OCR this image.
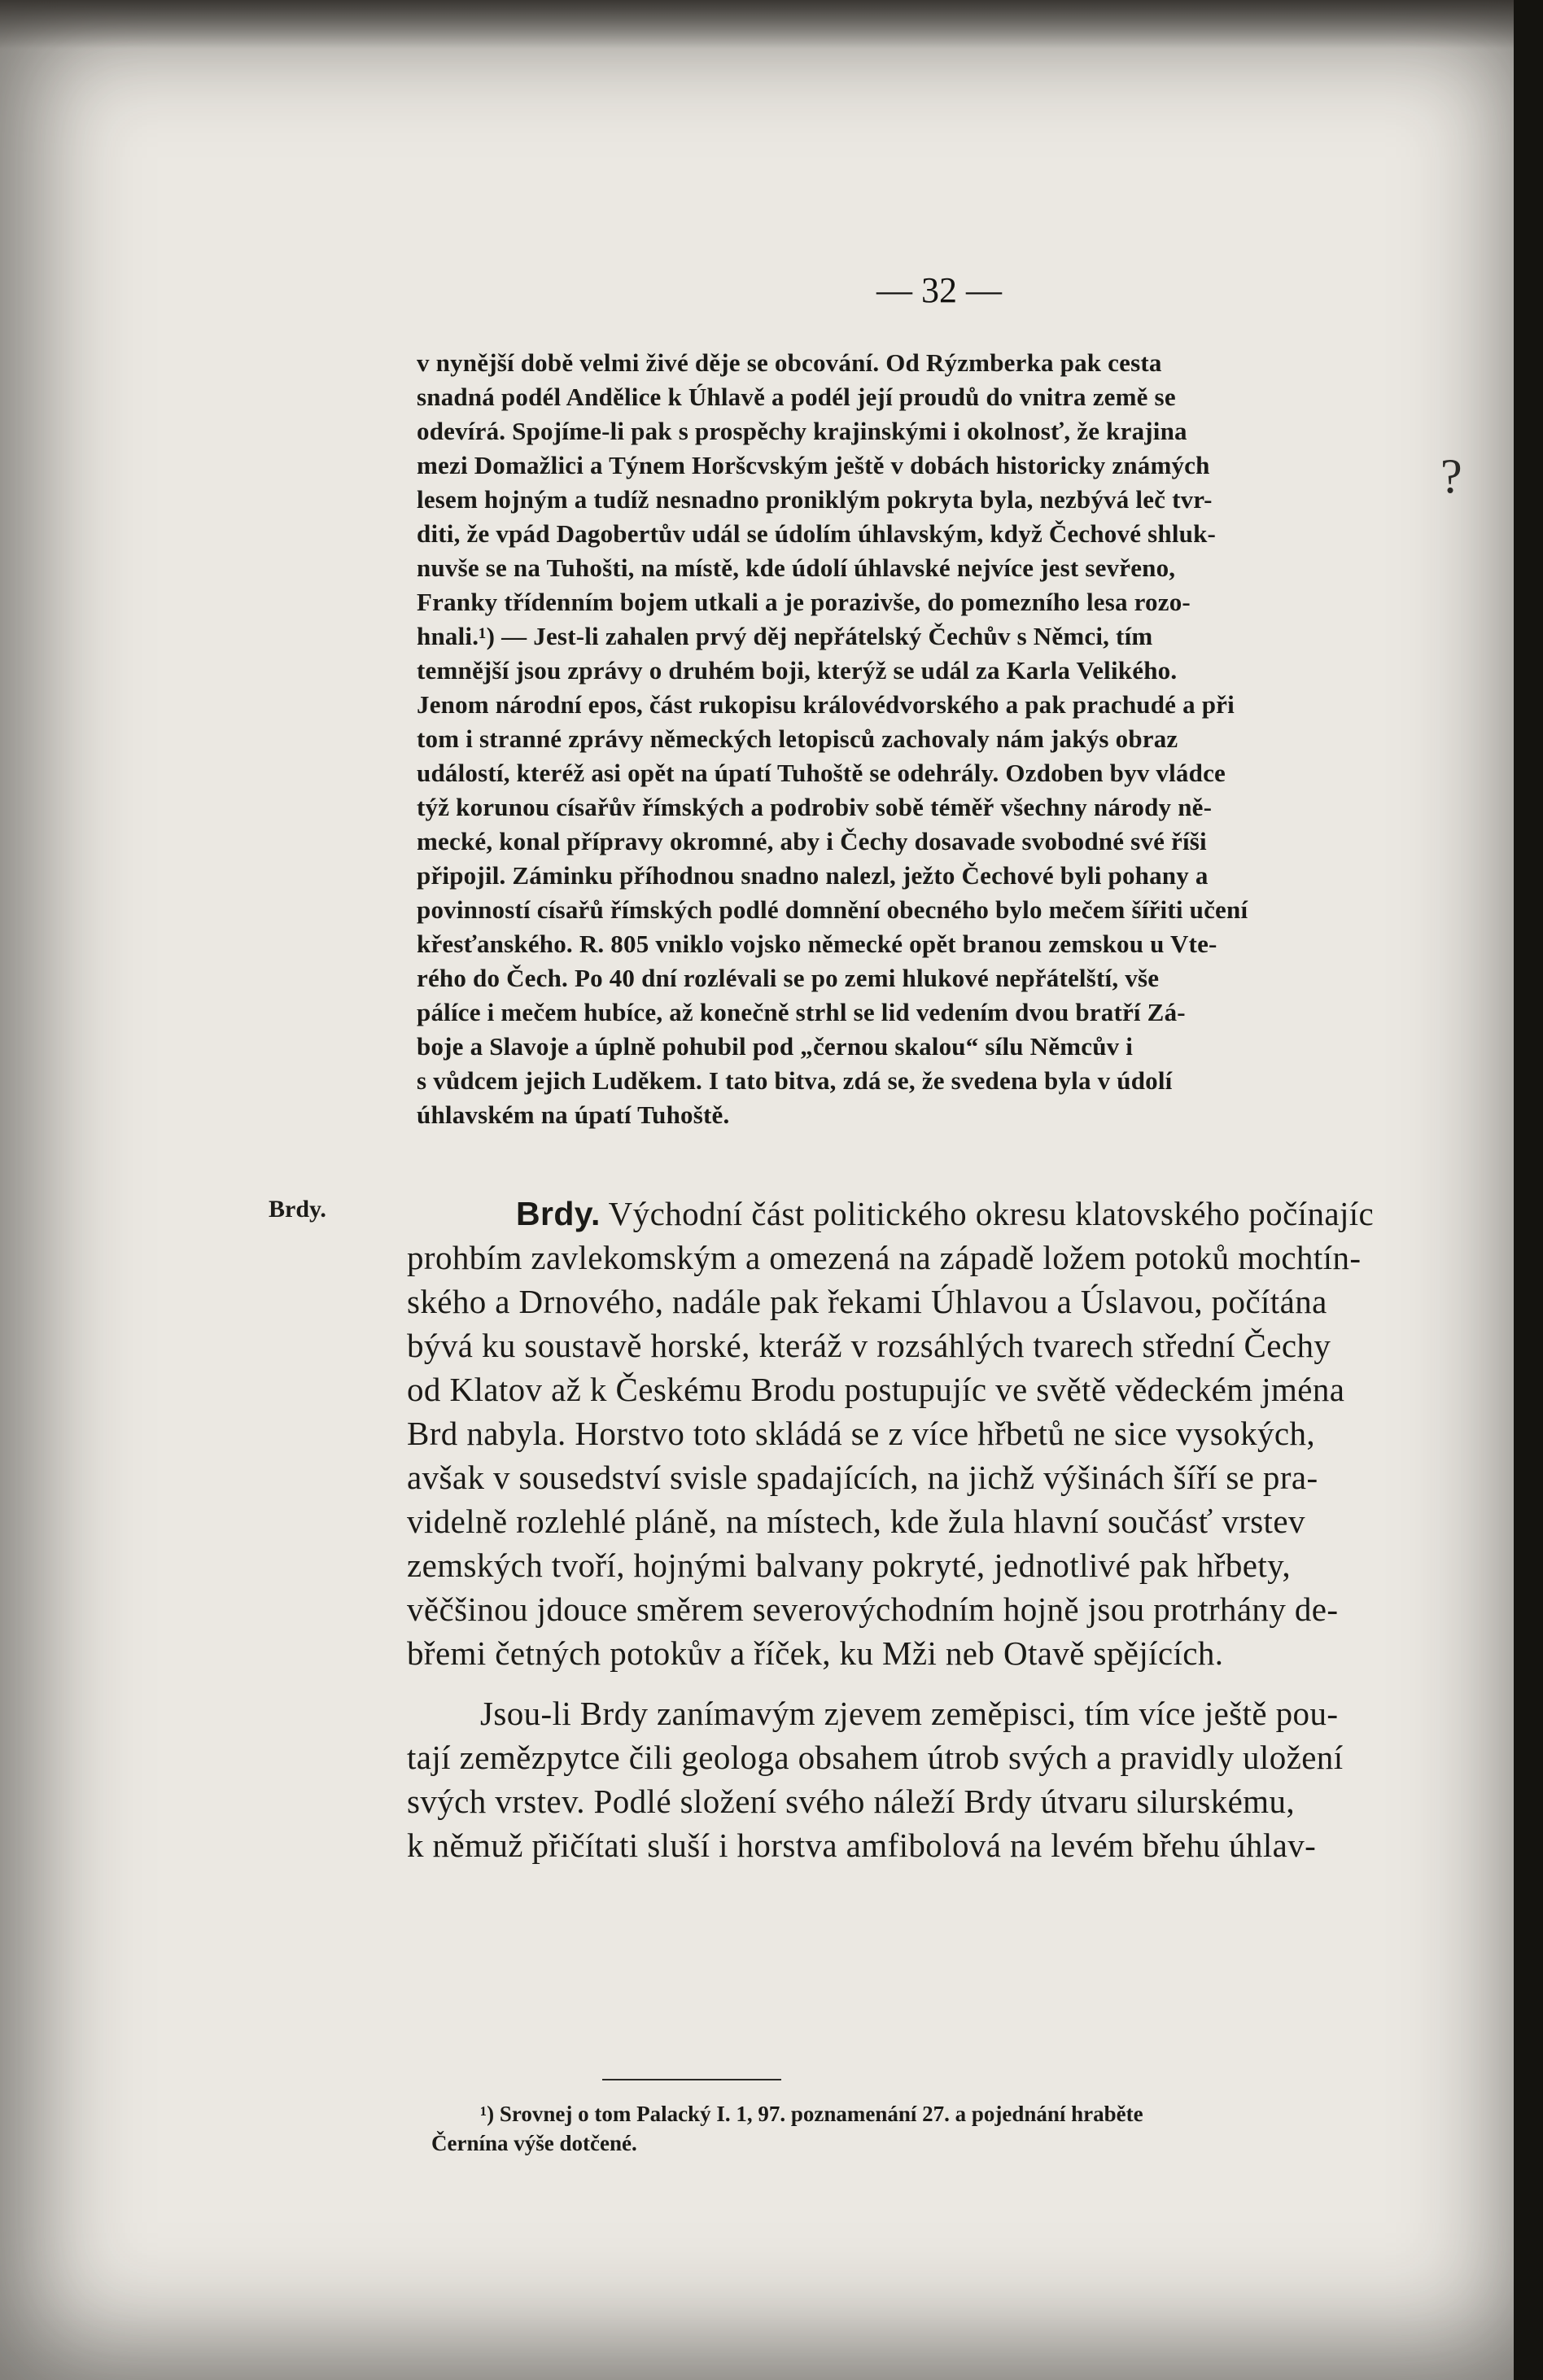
— 32 —
v nynější době velmi živé děje se obcování. Od Rýzmberka pak cesta
snadná podél Andělice k Úhlavě a podél její proudů do vnitra země se
odevírá. Spojíme-li pak s prospěchy krajinskými i okolnosť, že krajina
mezi Domažlici a Týnem Horšcvským ještě v dobách historicky známých
lesem hojným a tudíž nesnadno proniklým pokryta byla, nezbývá leč tvr-
diti, že vpád Dagobertův udál se údolím úhlavským, když Čechové shluk-
nuvše se na Tuhošti, na místě, kde údolí úhlavské nejvíce jest sevřeno,
Franky třídenním bojem utkali a je porazivše, do pomezního lesa rozo-
hnali.¹) — Jest-li zahalen prvý děj nepřátelský Čechův s Němci, tím
temnější jsou zprávy o druhém boji, kterýž se udál za Karla Velikého.
Jenom národní epos, část rukopisu královédvorského a pak prachudé a při
tom i stranné zprávy německých letopisců zachovaly nám jakýs obraz
událostí, kteréž asi opět na úpatí Tuhoště se odehrály. Ozdoben byv vládce
týž korunou císařův římských a podrobiv sobě téměř všechny národy ně-
mecké, konal přípravy okromné, aby i Čechy dosavade svobodné své říši
připojil. Záminku příhodnou snadno nalezl, ježto Čechové byli pohany a
povinností císařů římských podlé domnění obecného bylo mečem šířiti učení
křesťanského. R. 805 vniklo vojsko německé opět branou zemskou u Vte-
rého do Čech. Po 40 dní rozlévali se po zemi hlukové nepřátelští, vše
pálíce i mečem hubíce, až konečně strhl se lid vedením dvou bratří Zá-
boje a Slavoje a úplně pohubil pod „černou skalou“ sílu Němcův i
s vůdcem jejich Luděkem. I tato bitva, zdá se, že svedena byla v údolí
úhlavském na úpatí Tuhoště.
?
Brdy.	Brdy. Východní část politického okresu klatovského počínajíc
prohbím zavlekomským a omezená na západě ložem potoků mochtín-
ského a Drnového, nadále pak řekami Úhlavou a Úslavou, počítána
bývá ku soustavě horské, kteráž v rozsáhlých tvarech střední Čechy
od Klatov až k Českému Brodu postupujíc ve světě vědeckém jména
Brd nabyla. Horstvo toto skládá se z více hřbetů ne sice vysokých,
avšak v sousedství svisle spadajících, na jichž výšinách šíří se pra-
videlně rozlehlé pláně, na místech, kde žula hlavní součásť vrstev
zemských tvoří, hojnými balvany pokryté, jednotlivé pak hřbety,
věčšinou jdouce směrem severovýchodním hojně jsou protrhány de-
břemi četných potokův a říček, ku Mži neb Otavě spějících.
Jsou-li Brdy zanímavým zjevem zeměpisci, tím více ještě pou-
tají zemězpytce čili geologa obsahem útrob svých a pravidly uložení
svých vrstev. Podlé složení svého náleží Brdy útvaru silurskému,
k němuž přičítati sluší i horstva amfibolová na levém břehu úhlav-
¹) Srovnej o tom Palacký I. 1, 97. poznamenání 27. a pojednání hraběte
Černína výše dotčené.
